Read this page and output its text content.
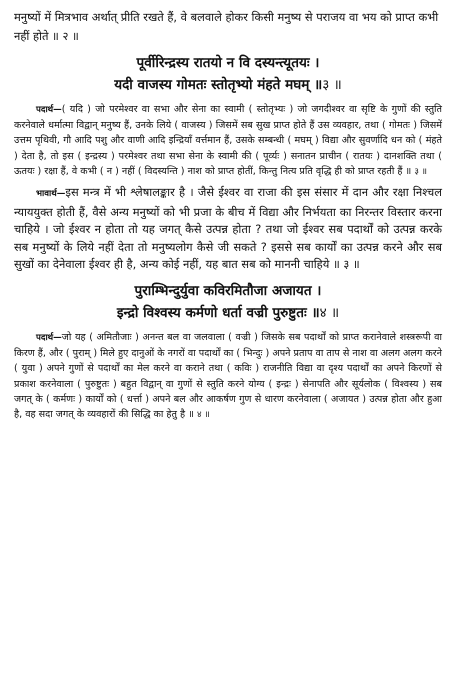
मनुष्यों में मित्रभाव अर्थात् प्रीति रखते हैं, वे बलवाले होकर किसी मनुष्य से पराजय वा भय को प्राप्त कभी नहीं होते ॥ २ ॥

पूर्वीरिन्द्रस्य रातयो न वि दस्यन्त्यूतयः ।

यदी वाजस्य गोमतः स्तोतृभ्यो मंहते मघम् ॥३ ॥

पदार्थ—( यदि ) जो परमेश्वर वा सभा और सेना का स्वामी ( स्तोतृभ्यः ) जो जगदीश्वर वा सृष्टि के गुणों की स्तुति करनेवाले धर्मात्मा विद्वान् मनुष्य हैं, उनके लिये ( वाजस्य ) जिसमें सब सुख प्राप्त होते हैं उस व्यवहार, तथा ( गोमतः ) जिसमें उत्तम पृथिवी, गौ आदि पशु और वाणी आदि इन्द्रियाँ वर्त्तमान हैं, उसके सम्बन्धी ( मघम् ) विद्या और सुवर्णादि धन को ( मंहते ) देता है, तो इस ( इन्द्रस्य ) परमेश्वर तथा सभा सेना के स्वामी की ( पूर्व्यः ) सनातन प्राचीन ( रातयः ) दानशक्ति तथा ( ऊतयः ) रक्षा हैं, वे कभी ( न ) नहीं ( विदस्यन्ति ) नाश को प्राप्त होतीं, किन्तु नित्य प्रति वृद्धि ही को प्राप्त रहती हैं ॥ ३ ॥

भावार्थ—इस मन्त्र में भी श्लेषालङ्कार है । जैसे ईश्वर वा राजा की इस संसार में दान और रक्षा निश्चल न्याययुक्त होती हैं, वैसे अन्य मनुष्यों को भी प्रजा के बीच में विद्या और निर्भयता का निरन्तर विस्तार करना चाहिये । जो ईश्वर न होता तो यह जगत् कैसे उत्पन्न होता ? तथा जो ईश्वर सब पदार्थों को उत्पन्न करके सब मनुष्यों के लिये नहीं देता तो मनुष्यलोग कैसे जी सकते ? इससे सब कार्यों का उत्पन्न करने और सब सुखों का देनेवाला ईश्वर ही है, अन्य कोई नहीं, यह बात सब को माननी चाहिये ॥ ३ ॥

पुराम्भिन्दुर्युवा कविरमितौजा अजायत ।

इन्द्रो विश्वस्य कर्मणो धर्ता वज्री पुरुष्टुतः ॥४ ॥

पदार्थ—जो यह ( अमितौजाः ) अनन्त बल वा जलवाला ( वज्री ) जिसके सब पदार्थों को प्राप्त करानेवाले शस्त्ररूपी वा किरण हैं, और ( पुराम् ) मिले हुए दानुओं के नगरों वा पदार्थों का ( भिन्दुः ) अपने प्रताप वा ताप से नाश वा अलग अलग करने ( युवा ) अपने गुणों से पदार्थों का मेल करने वा कराने तथा ( कविः ) राजनीति विद्या वा दृश्य पदार्थों का अपने किरणों से प्रकाश करनेवाला ( पुरुष्टुतः ) बहुत विद्वान् वा गुणों से स्तुति करने योग्य ( इन्द्रः ) सेनापति और सूर्यलोक ( विश्वस्य ) सब जगत् के ( कर्मणः ) कार्यों को ( धर्त्ता ) अपने बल और आकर्षण गुण से धारण करनेवाला ( अजायत ) उत्पन्न होता और हुआ है, वह सदा जगत् के व्यवहारों की सिद्धि का हेतु है ॥ ४ ॥
